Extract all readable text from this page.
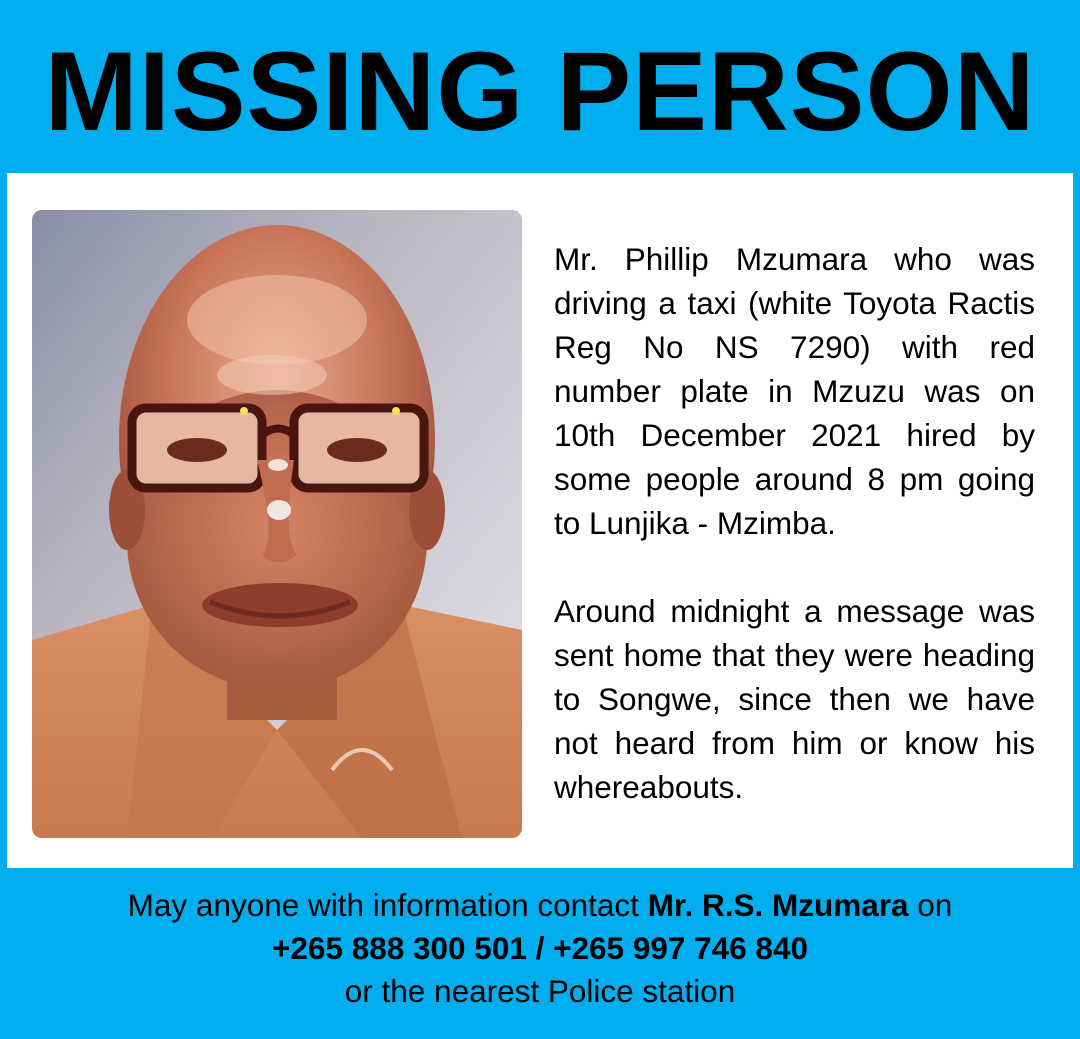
MISSING PERSON

Mr. Phillip Mzumara who was driving a taxi (white Toyota Ractis Reg No NS 7290) with red number plate in Mzuzu was on 10th December 2021 hired by some people around 8 pm going to Lunjika - Mzimba.

Around midnight a message was sent home that they were heading to Songwe, since then we have not heard from him or know his whereabouts.

May anyone with information contact Mr. R.S. Mzumara on
+265 888 300 501 / +265 997 746 840
or the nearest Police station
